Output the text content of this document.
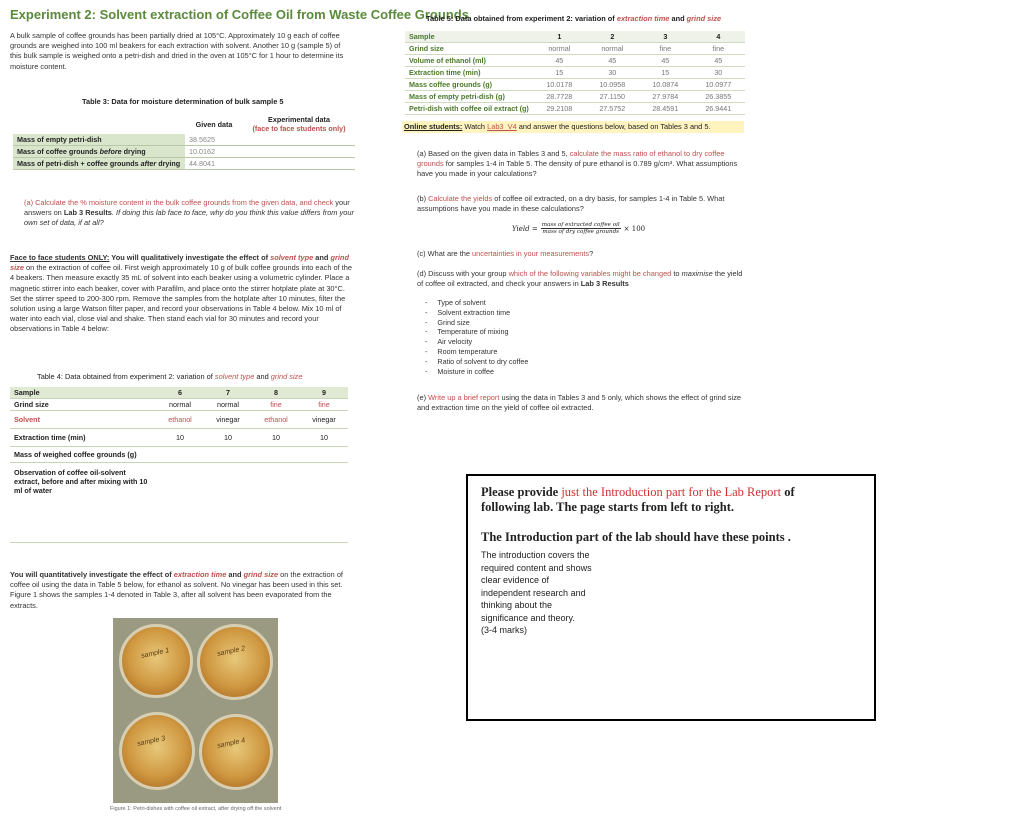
Experiment 2: Solvent extraction of Coffee Oil from Waste Coffee Grounds
A bulk sample of coffee grounds has been partially dried at 105°C. Approximately 10 g each of coffee grounds are weighed into 100 ml beakers for each extraction with solvent. Another 10 g (sample 5) of this bulk sample is weighed onto a petri-dish and dried in the oven at 105°C for 1 hour to determine its moisture content.
Table 3: Data for moisture determination of bulk sample 5
	Given data	Experimental data
(face to face students only)
Mass of empty petri-dish	38.5625	
Mass of coffee grounds before drying	10.0162	
Mass of petri-dish + coffee grounds after drying	44.8041	
(a) Calculate the % moisture content in the bulk coffee grounds from the given data, and check your answers on Lab 3 Results. If doing this lab face to face, why do you think this value differs from your own set of data, if at all?
Face to face students ONLY: You will qualitatively investigate the effect of solvent type and grind size on the extraction of coffee oil. First weigh approximately 10 g of bulk coffee grounds into each of the 4 beakers. Then measure exactly 35 mL of solvent into each beaker using a volumetric cylinder. Place a magnetic stirrer into each beaker, cover with Parafilm, and place onto the stirrer hotplate plate at 30°C. Set the stirrer speed to 200-300 rpm. Remove the samples from the hotplate after 10 minutes, filter the solution using a large Watson filter paper, and record your observations in Table 4 below. Mix 10 ml of water into each vial, close vial and shake. Then stand each vial for 30 minutes and record your observations in Table 4 below:
Table 4: Data obtained from experiment 2: variation of solvent type and grind size
Sample	6	7	8	9
Grind size	normal	normal	fine	fine
Solvent	ethanol	vinegar	ethanol	vinegar
Extraction time (min)	10	10	10	10
Mass of weighed coffee grounds (g)				
Observation of coffee oil-solvent extract, before and after mixing with 10 ml of water				
You will quantitatively investigate the effect of extraction time and grind size on the extraction of coffee oil using the data in Table 5 below, for ethanol as solvent. No vinegar has been used in this set. Figure 1 shows the samples 1-4 denoted in Table 3, after all solvent has been evaporated from the extracts.
sample 1	sample 2
sample 3	sample 4
Figure 1: Petri-dishes with coffee oil extract, after drying off the solvent
Table 5: Data obtained from experiment 2: variation of extraction time and grind size
Sample	1	2	3	4
Grind size	normal	normal	fine	fine
Volume of ethanol (ml)	45	45	45	45
Extraction time (min)	15	30	15	30
Mass coffee grounds (g)	10.0178	10.0958	10.0874	10.0977
Mass of empty petri-dish (g)	28.7728	27.1150	27.9784	26.3855
Petri-dish with coffee oil extract (g)	29.2108	27.5752	28.4591	26.9441
Online students: Watch Lab3_V4 and answer the questions below, based on Tables 3 and 5.
(a) Based on the given data in Tables 3 and 5, calculate the mass ratio of ethanol to dry coffee grounds for samples 1-4 in Table 5. The density of pure ethanol is 0.789 g/cm³. What assumptions have you made in your calculations?
(b) Calculate the yields of coffee oil extracted, on a dry basis, for samples 1-4 in Table 5. What assumptions have you made in these calculations?
Yield = mass of extracted coffee oil
mass of dry coffee grounds × 100
(c) What are the uncertainties in your measurements?
(d) Discuss with your group which of the following variables might be changed to maximise the yield of coffee oil extracted, and check your answers in Lab 3 Results
- Type of solvent
- Solvent extraction time
- Grind size
- Temperature of mixing
- Air velocity
- Room temperature
- Ratio of solvent to dry coffee
- Moisture in coffee
(e) Write up a brief report using the data in Tables 3 and 5 only, which shows the effect of grind size and extraction time on the yield of coffee oil extracted.
Please provide just the Introduction part for the Lab Report of following lab. The page starts from left to right.
The Introduction part of the lab should have these points .
The introduction covers the
required content and shows
clear evidence of
independent research and
thinking about the
significance and theory.
(3-4 marks)
